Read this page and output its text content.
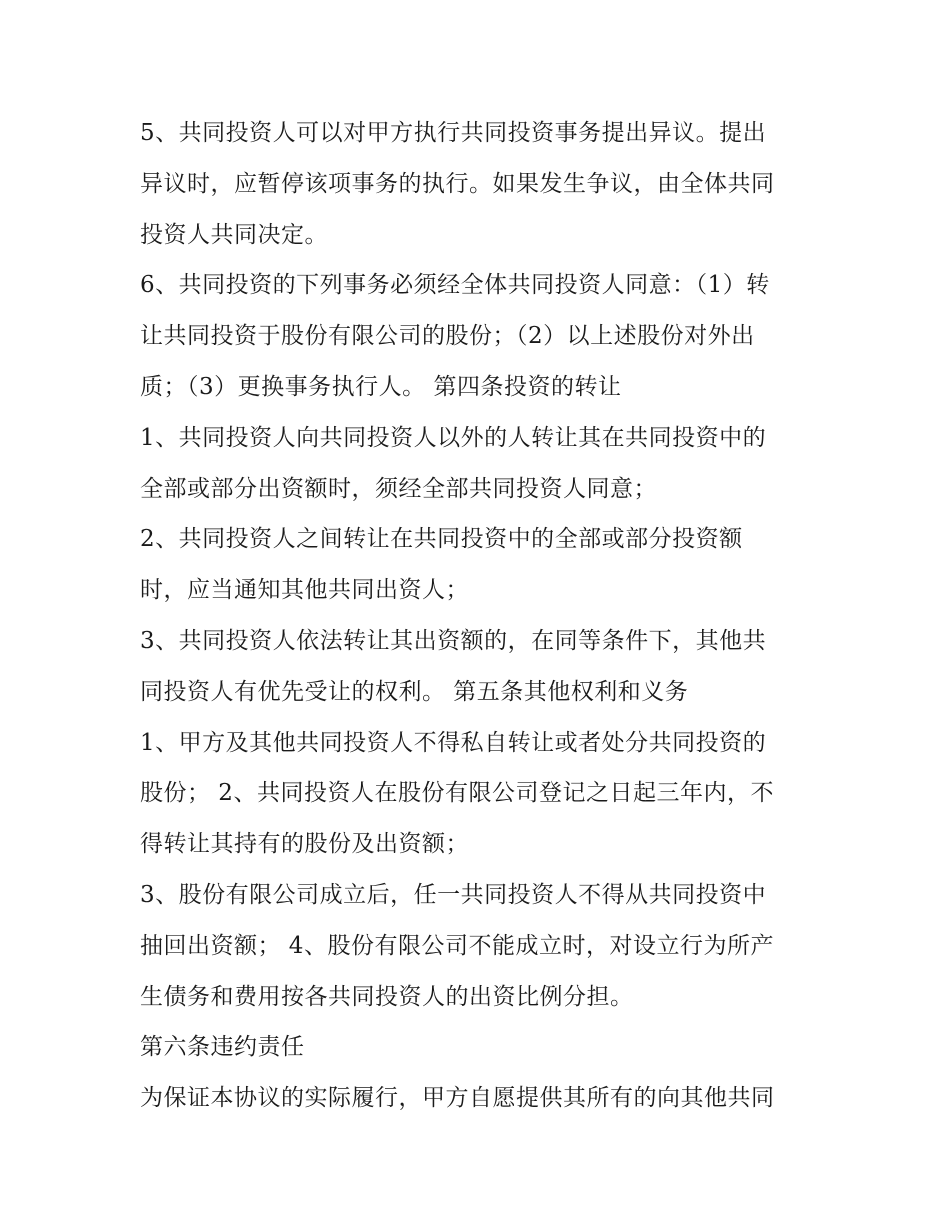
5、共同投资人可以对甲方执行共同投资事务提出异议。提出
异议时，应暂停该项事务的执行。如果发生争议，由全体共同
投资人共同决定。
6、共同投资的下列事务必须经全体共同投资人同意：（1）转
让共同投资于股份有限公司的股份；（2）以上述股份对外出
质；（3）更换事务执行人。 第四条投资的转让
1、共同投资人向共同投资人以外的人转让其在共同投资中的
全部或部分出资额时，须经全部共同投资人同意；
2、共同投资人之间转让在共同投资中的全部或部分投资额
时，应当通知其他共同出资人；
3、共同投资人依法转让其出资额的，在同等条件下，其他共
同投资人有优先受让的权利。 第五条其他权利和义务
1、甲方及其他共同投资人不得私自转让或者处分共同投资的
股份； 2、共同投资人在股份有限公司登记之日起三年内，不
得转让其持有的股份及出资额；
3、股份有限公司成立后，任一共同投资人不得从共同投资中
抽回出资额； 4、股份有限公司不能成立时，对设立行为所产
生债务和费用按各共同投资人的出资比例分担。
第六条违约责任
为保证本协议的实际履行，甲方自愿提供其所有的向其他共同
